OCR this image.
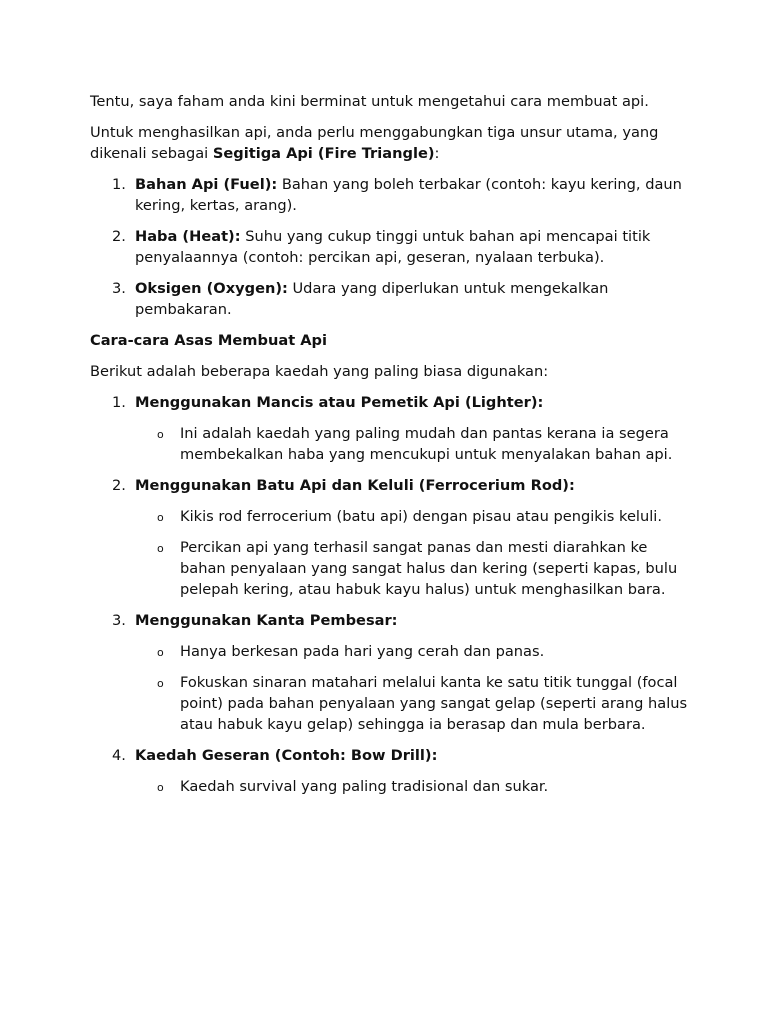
Tentu, saya faham anda kini berminat untuk mengetahui cara membuat api.

Untuk menghasilkan api, anda perlu menggabungkan tiga unsur utama, yang dikenali sebagai Segitiga Api (Fire Triangle):

1. Bahan Api (Fuel): Bahan yang boleh terbakar (contoh: kayu kering, daun kering, kertas, arang).
2. Haba (Heat): Suhu yang cukup tinggi untuk bahan api mencapai titik penyalaannya (contoh: percikan api, geseran, nyalaan terbuka).
3. Oksigen (Oxygen): Udara yang diperlukan untuk mengekalkan pembakaran.

Cara-cara Asas Membuat Api

Berikut adalah beberapa kaedah yang paling biasa digunakan:

1. Menggunakan Mancis atau Pemetik Api (Lighter):
o Ini adalah kaedah yang paling mudah dan pantas kerana ia segera membekalkan haba yang mencukupi untuk menyalakan bahan api.
2. Menggunakan Batu Api dan Keluli (Ferrocerium Rod):
o Kikis rod ferrocerium (batu api) dengan pisau atau pengikis keluli.
o Percikan api yang terhasil sangat panas dan mesti diarahkan ke bahan penyalaan yang sangat halus dan kering (seperti kapas, bulu pelepah kering, atau habuk kayu halus) untuk menghasilkan bara.
3. Menggunakan Kanta Pembesar:
o Hanya berkesan pada hari yang cerah dan panas.
o Fokuskan sinaran matahari melalui kanta ke satu titik tunggal (focal point) pada bahan penyalaan yang sangat gelap (seperti arang halus atau habuk kayu gelap) sehingga ia berasap dan mula berbara.
4. Kaedah Geseran (Contoh: Bow Drill):
o Kaedah survival yang paling tradisional dan sukar.
